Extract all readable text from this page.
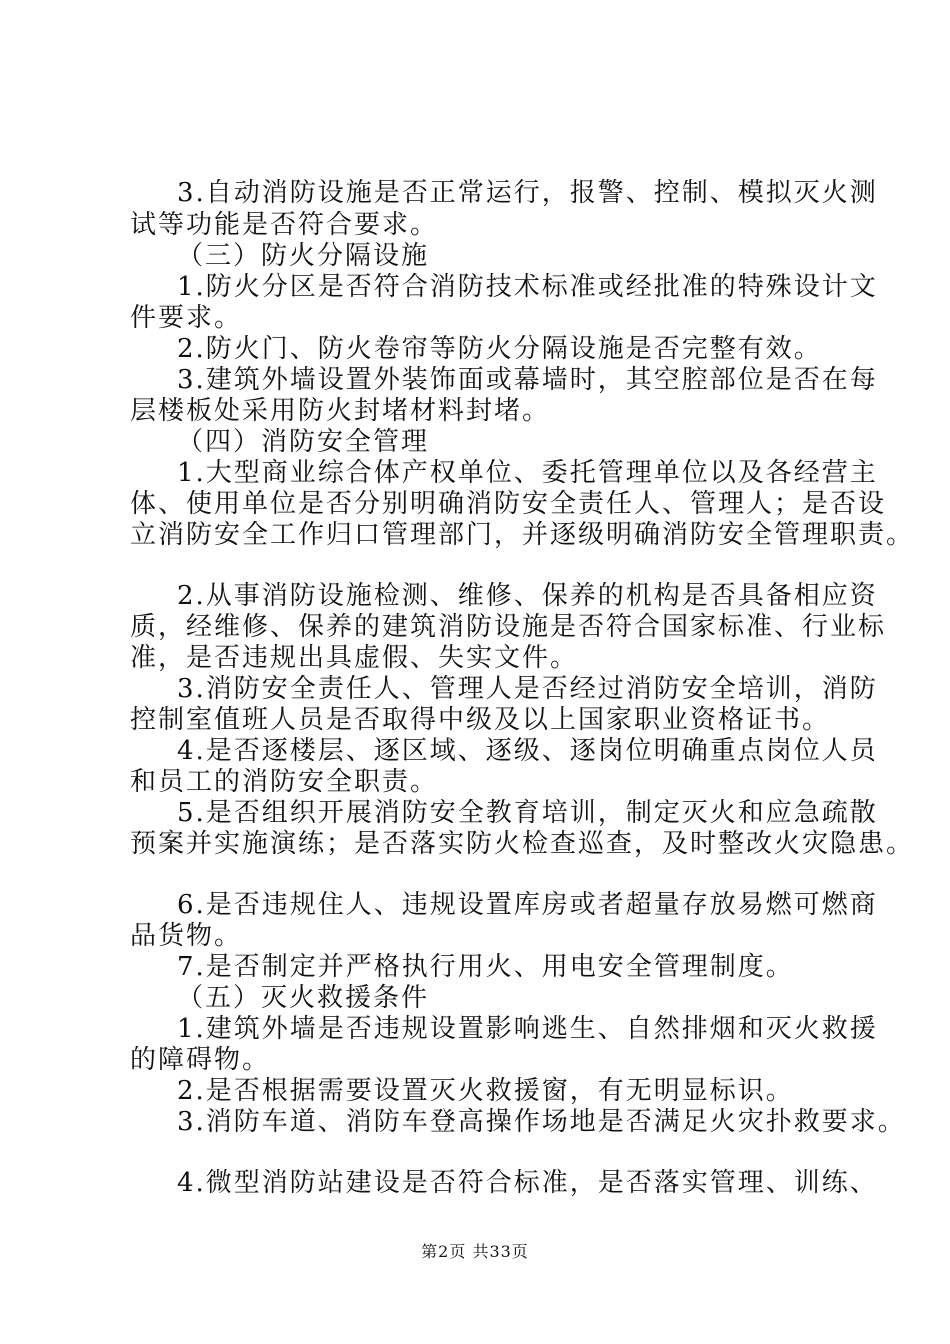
3.自动消防设施是否正常运行，报警、控制、模拟灭火测
试等功能是否符合要求。
（三）防火分隔设施
1.防火分区是否符合消防技术标准或经批准的特殊设计文
件要求。
2.防火门、防火卷帘等防火分隔设施是否完整有效。
3.建筑外墙设置外装饰面或幕墙时，其空腔部位是否在每
层楼板处采用防火封堵材料封堵。
（四）消防安全管理
1.大型商业综合体产权单位、委托管理单位以及各经营主
体、使用单位是否分别明确消防安全责任人、管理人；是否设
立消防安全工作归口管理部门，并逐级明确消防安全管理职责。
2.从事消防设施检测、维修、保养的机构是否具备相应资
质，经维修、保养的建筑消防设施是否符合国家标准、行业标
准，是否违规出具虚假、失实文件。
3.消防安全责任人、管理人是否经过消防安全培训，消防
控制室值班人员是否取得中级及以上国家职业资格证书。
4.是否逐楼层、逐区域、逐级、逐岗位明确重点岗位人员
和员工的消防安全职责。
5.是否组织开展消防安全教育培训，制定灭火和应急疏散
预案并实施演练；是否落实防火检查巡查，及时整改火灾隐患。
6.是否违规住人、违规设置库房或者超量存放易燃可燃商
品货物。
7.是否制定并严格执行用火、用电安全管理制度。
（五）灭火救援条件
1.建筑外墙是否违规设置影响逃生、自然排烟和灭火救援
的障碍物。
2.是否根据需要设置灭火救援窗，有无明显标识。
3.消防车道、消防车登高操作场地是否满足火灾扑救要求。
4.微型消防站建设是否符合标准，是否落实管理、训练、
第2页 共33页
